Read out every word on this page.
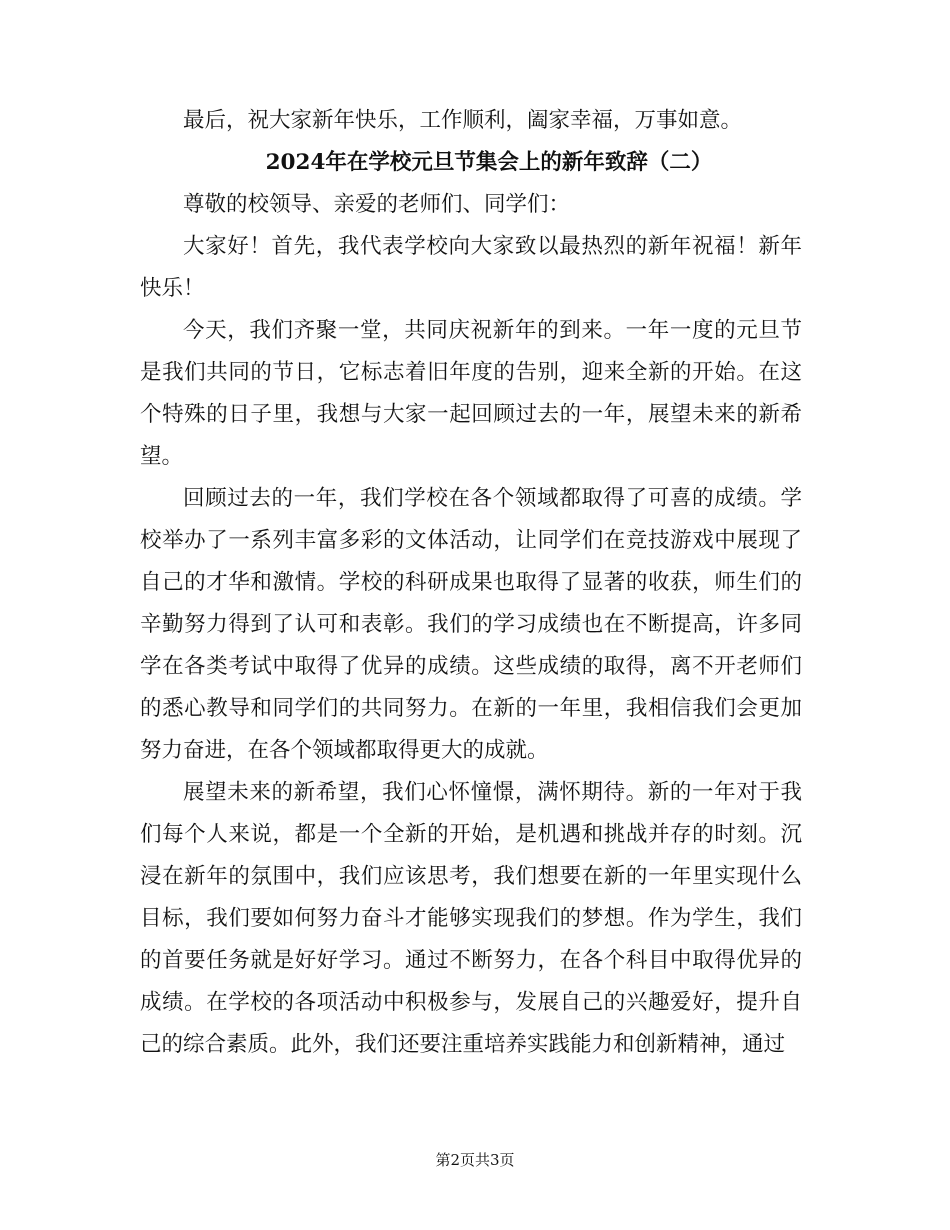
最后，祝大家新年快乐，工作顺利，阖家幸福，万事如意。

2024年在学校元旦节集会上的新年致辞（二）

尊敬的校领导、亲爱的老师们、同学们：

大家好！首先，我代表学校向大家致以最热烈的新年祝福！新年快乐！

今天，我们齐聚一堂，共同庆祝新年的到来。一年一度的元旦节是我们共同的节日，它标志着旧年度的告别，迎来全新的开始。在这个特殊的日子里，我想与大家一起回顾过去的一年，展望未来的新希望。

回顾过去的一年，我们学校在各个领域都取得了可喜的成绩。学校举办了一系列丰富多彩的文体活动，让同学们在竞技游戏中展现了自己的才华和激情。学校的科研成果也取得了显著的收获，师生们的辛勤努力得到了认可和表彰。我们的学习成绩也在不断提高，许多同学在各类考试中取得了优异的成绩。这些成绩的取得，离不开老师们的悉心教导和同学们的共同努力。在新的一年里，我相信我们会更加努力奋进，在各个领域都取得更大的成就。

展望未来的新希望，我们心怀憧憬，满怀期待。新的一年对于我们每个人来说，都是一个全新的开始，是机遇和挑战并存的时刻。沉浸在新年的氛围中，我们应该思考，我们想要在新的一年里实现什么目标，我们要如何努力奋斗才能够实现我们的梦想。作为学生，我们的首要任务就是好好学习。通过不断努力，在各个科目中取得优异的成绩。在学校的各项活动中积极参与，发展自己的兴趣爱好，提升自己的综合素质。此外，我们还要注重培养实践能力和创新精神，通过

第2页共3页
